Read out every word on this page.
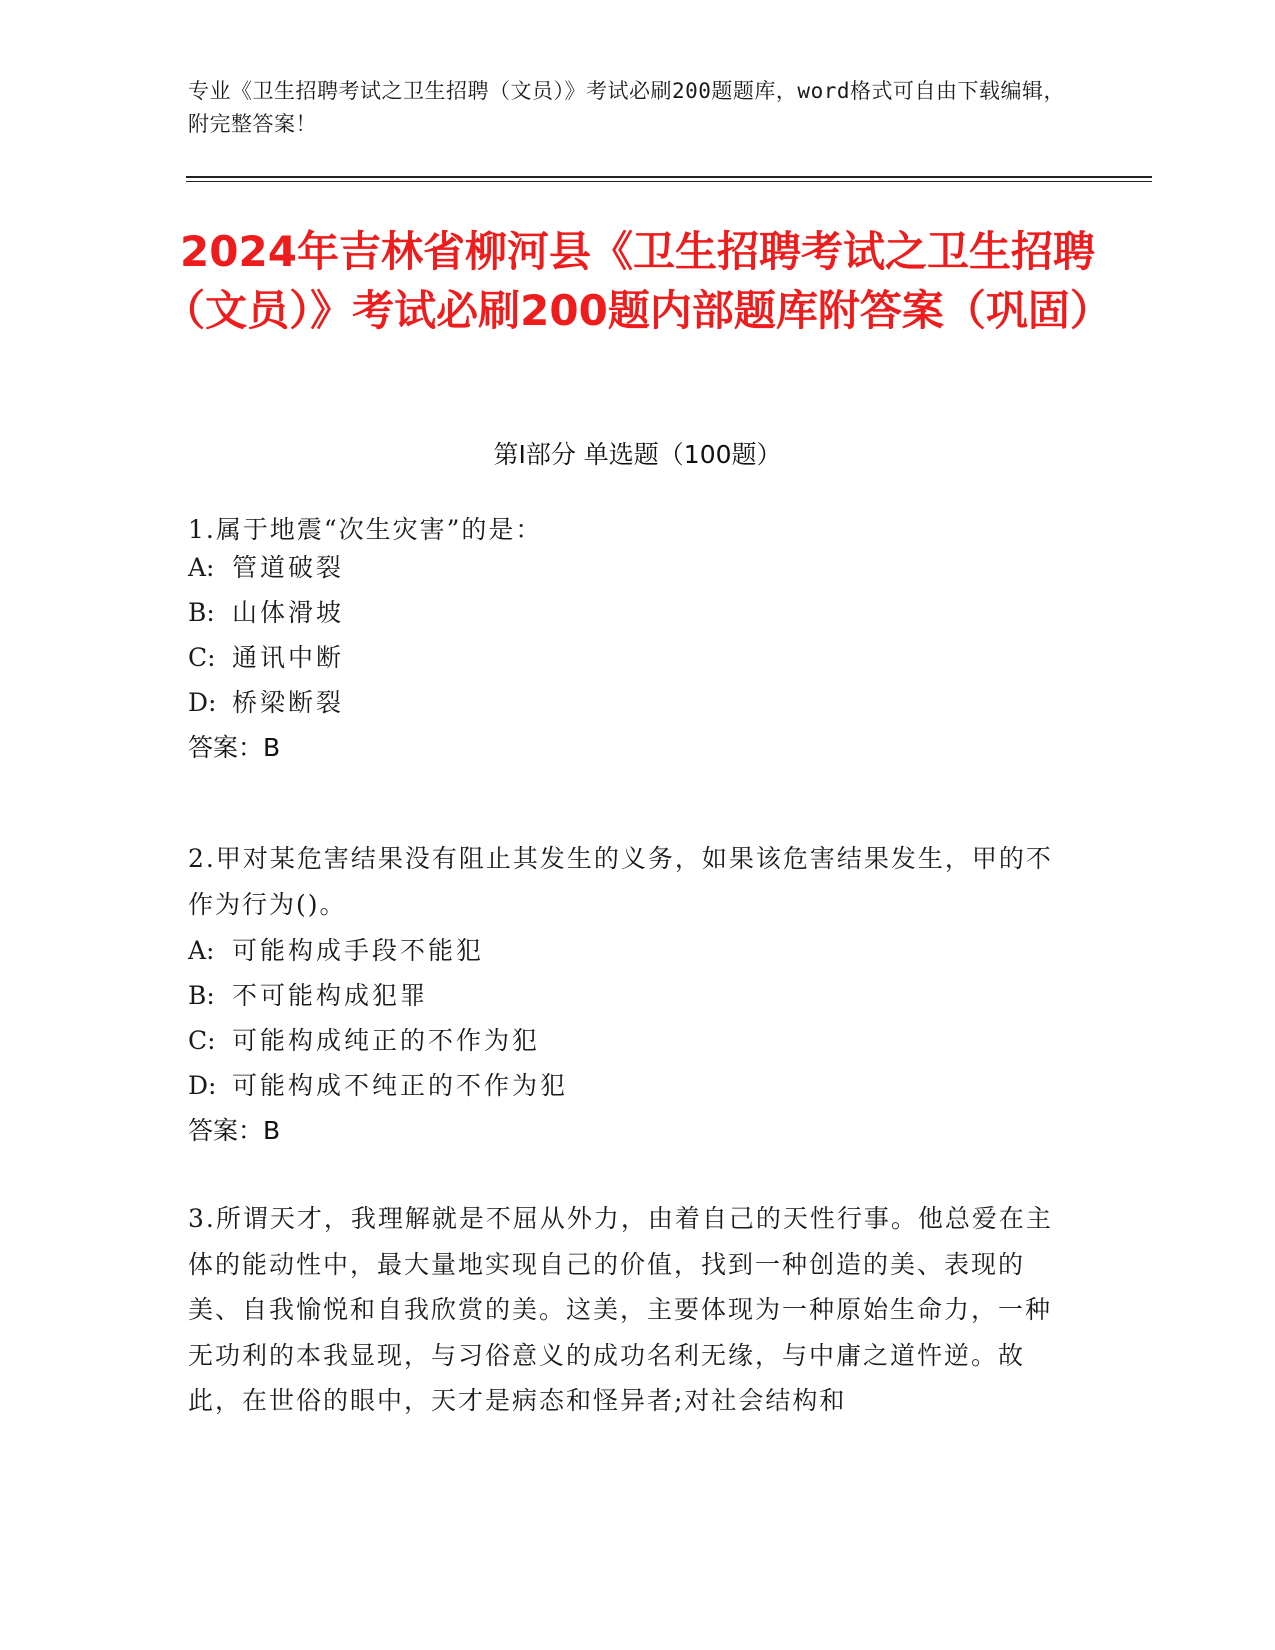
专业《卫生招聘考试之卫生招聘（文员）》考试必刷200题题库，word格式可自由下载编辑，附完整答案！
2024年吉林省柳河县《卫生招聘考试之卫生招聘（文员）》考试必刷200题内部题库附答案（巩固）
第Ⅰ部分 单选题（100题）
1.属于地震“次生灾害”的是：
A: 管道破裂
B: 山体滑坡
C: 通讯中断
D: 桥梁断裂
答案：B
2.甲对某危害结果没有阻止其发生的义务，如果该危害结果发生，甲的不作为行为()。
A: 可能构成手段不能犯
B: 不可能构成犯罪
C: 可能构成纯正的不作为犯
D: 可能构成不纯正的不作为犯
答案：B
3.所谓天才，我理解就是不屈从外力，由着自己的天性行事。他总爱在主体的能动性中，最大量地实现自己的价值，找到一种创造的美、表现的美、自我愉悦和自我欣赏的美。这美，主要体现为一种原始生命力，一种无功利的本我显现，与习俗意义的成功名利无缘，与中庸之道忤逆。故此，在世俗的眼中，天才是病态和怪异者;对社会结构和
